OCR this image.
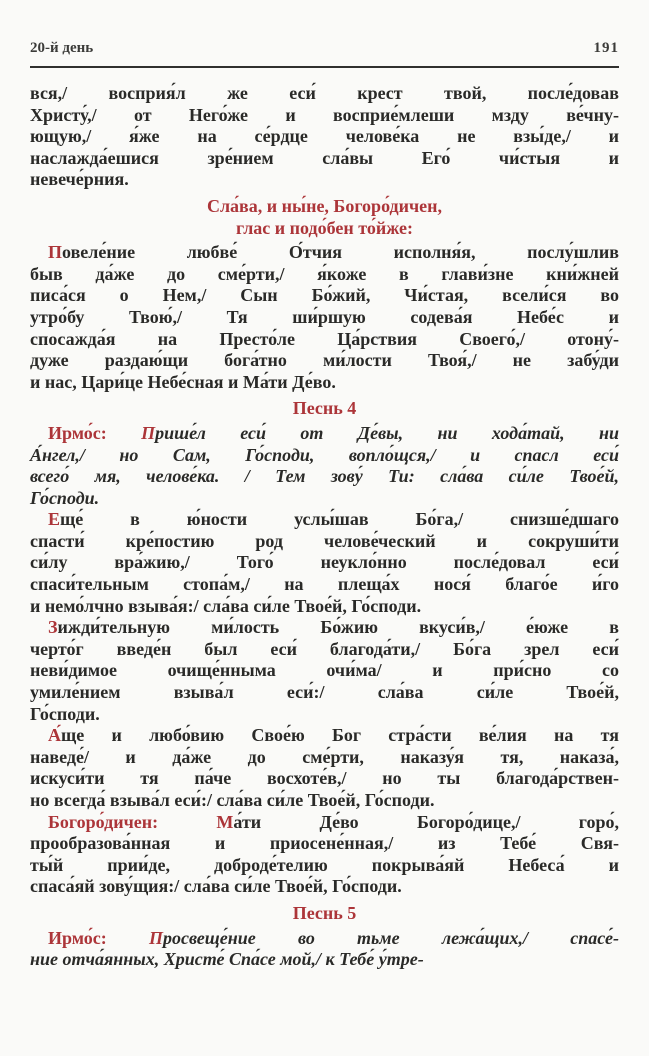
20-й день	191
вся,/ восприя́л же еси́ крест твой, после́довав
Христу́,/ от Него́же и восприе́млеши мзду ве́чну-
ющую,/ я́же на се́рдце челове́ка не взы́де,/ и
наслажда́ешися зре́нием сла́вы Его́ чи́стыя и
невече́рния.
Сла́ва, и ны́не, Богоро́дичен,
глас и подо́бен то́йже:
Повеле́ние любве́ О́тчия исполня́я, послу́шлив
быв да́же до сме́рти,/ я́коже в глави́зне кни́жней
писа́ся о Нем,/ Сын Бо́жий, Чи́стая, всели́ся во
утро́бу Твою́,/ Тя ши́ршую содева́я Небе́с и
спосажда́я на Престо́ле Ца́рствия Своего́,/ отону́-
дуже раздаю́щи бога́тно ми́лости Твоя́,/ не забу́ди
и нас, Цари́це Небе́сная и Ма́ти Де́во.
Песнь 4
Ирмо́с: Прише́л еси́ от Де́вы, ни хода́тай, ни
А́нгел,/ но Сам, Го́споди, вопло́щся,/ и спасл еси́
всего́ мя, челове́ка. / Тем зову́ Ти: сла́ва си́ле Твое́й,
Го́споди.
Еще́ в ю́ности услы́шав Бо́га,/ снизше́дшаго
спасти́ кре́постию род челове́ческий и сокруши́ти
си́лу вра́жию,/ Того́ неукло́нно после́довал еси́
спаси́тельным стопа́м,/ на плеща́х нося́ благо́е и́го
и немо́лчно взыва́я:/ сла́ва си́ле Твое́й, Го́споди.
Зижди́тельную ми́лость Бо́жию вкуси́в,/ е́юже в
черто́г введе́н был еси́ благода́ти,/ Бо́га зрел еси́
неви́димое очище́нныма очи́ма/ и при́сно со
умиле́нием взыва́л еси́:/ сла́ва си́ле Твое́й,
Го́споди.
А́ще и любо́вию Свое́ю Бог стра́сти ве́лия на тя
наведе́/ и да́же до сме́рти, наказу́я тя, наказа́,
искуси́ти тя па́че восхоте́в,/ но ты благода́рствен-
но всегда́ взыва́л еси́:/ сла́ва си́ле Твое́й, Го́споди.
Богоро́дичен: Ма́ти Де́во Богоро́дице,/ горо́,
прообразова́нная и приосене́нная,/ из Тебе́ Свя-
ты́й прии́де, доброде́телию покрыва́яй Небеса́ и
спаса́яй зову́щия:/ сла́ва си́ле Твое́й, Го́споди.
Песнь 5
Ирмо́с: Просвеще́ние во тьме лежа́щих,/ спасе́-
ние отча́янных, Христе́ Спа́се мой,/ к Тебе́ у́тре-
